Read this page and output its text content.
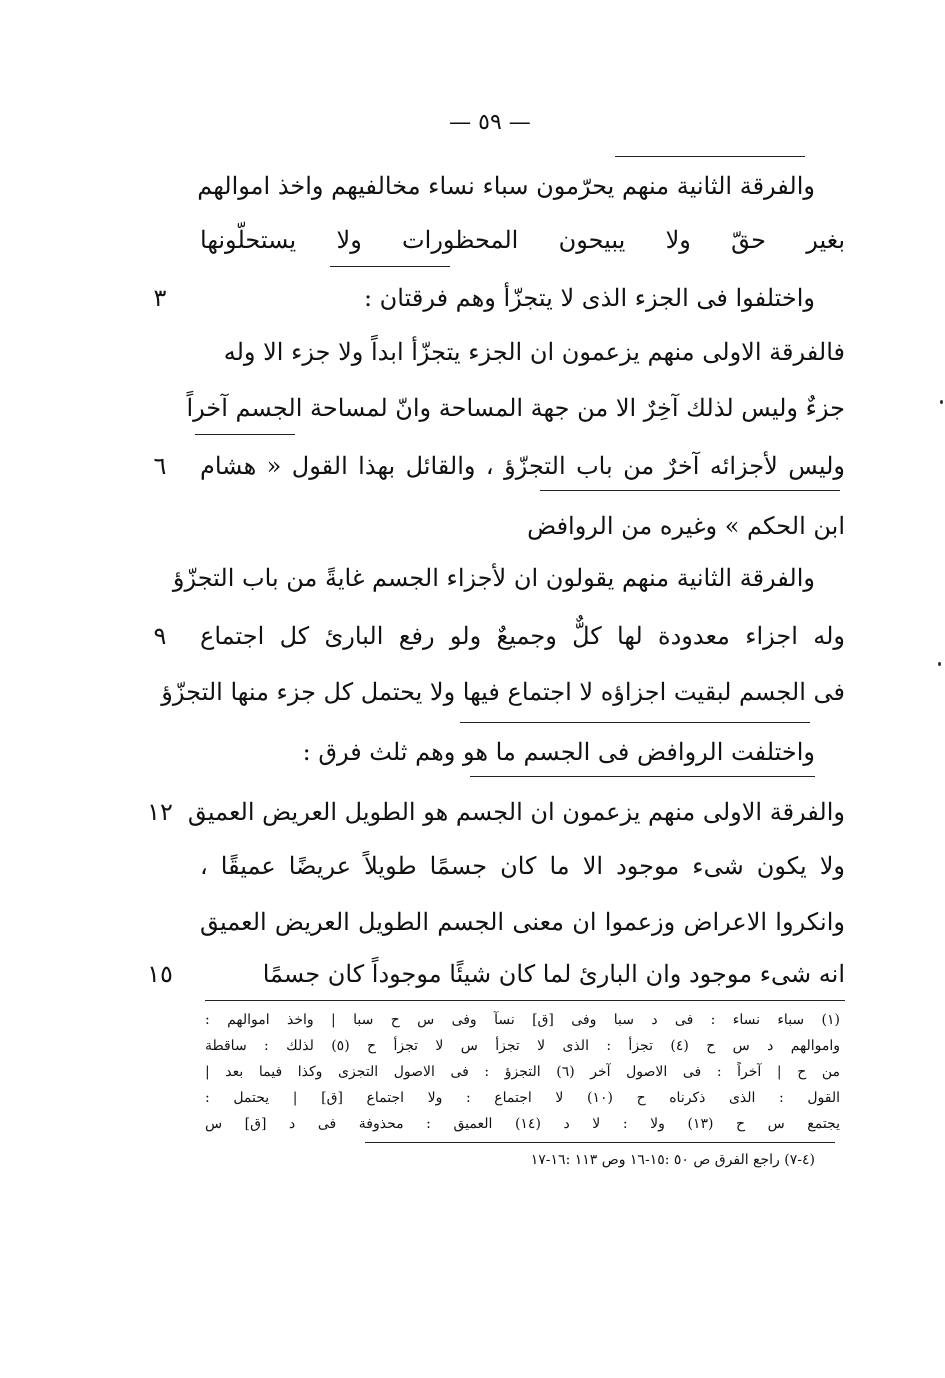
— ٥٩ —
والفرقة الثانية منهم يحرّمون سباء نساء مخالفيهم واخذ اموالهم
بغير حقّ ولا يبيحون المحظورات ولا يستحلّونها
واختلفوا فى الجزء الذى لا يتجزّأ وهم فرقتان :
٣
فالفرقة الاولى منهم يزعمون ان الجزء يتجزّأ ابداً ولا جزء الا وله
جزءٌ وليس لذلك آخِرٌ الا من جهة المساحة وانّ لمساحة الجسم آخراً
وليس لأجزائه آخرٌ من باب التجزّؤ ، والقائل بهذا القول « هشام
٦
ابن الحكم » وغيره من الروافض
والفرقة الثانية منهم يقولون ان لأجزاء الجسم غايةً من باب التجزّؤ
وله اجزاء معدودة لها كلٌّ وجميعٌ ولو رفع البارئ كل اجتماع
٩
فى الجسم لبقيت اجزاؤه لا اجتماع فيها ولا يحتمل كل جزء منها التجزّؤ
واختلفت الروافض فى الجسم ما هو وهم ثلث فرق :
والفرقة الاولى منهم يزعمون ان الجسم هو الطويل العريض العميق
١٢
ولا يكون شىء موجود الا ما كان جسمًا طويلاً عريضًا عميقًا ،
وانكروا الاعراض وزعموا ان معنى الجسم الطويل العريض العميق
انه شىء موجود وان البارئ لما كان شيئًا موجوداً كان جسمًا
١٥
(١) سباء نساء : فى د سبا وفى [ق] نسآ وفى س ح سبا | واخذ اموالهم :
واموالهم د س ح (٤) تجزأ : الذى لا تجزأ س لا تجزأ ح (٥) لذلك : ساقطة
من ح | آخراً : فى الاصول آخر (٦) التجزؤ : فى الاصول التجزى وكذا فيما بعد |
القول : الذى ذكرناه ح (١٠) لا اجتماع : ولا اجتماع [ق] | يحتمل :
يجتمع س ح (١٣) ولا : لا د (١٤) العميق : محذوفة فى د [ق] س
(٤-٧) راجع الفرق ص ٥٠ :١٥-١٦ وص ١١٣ :١٦-١٧
